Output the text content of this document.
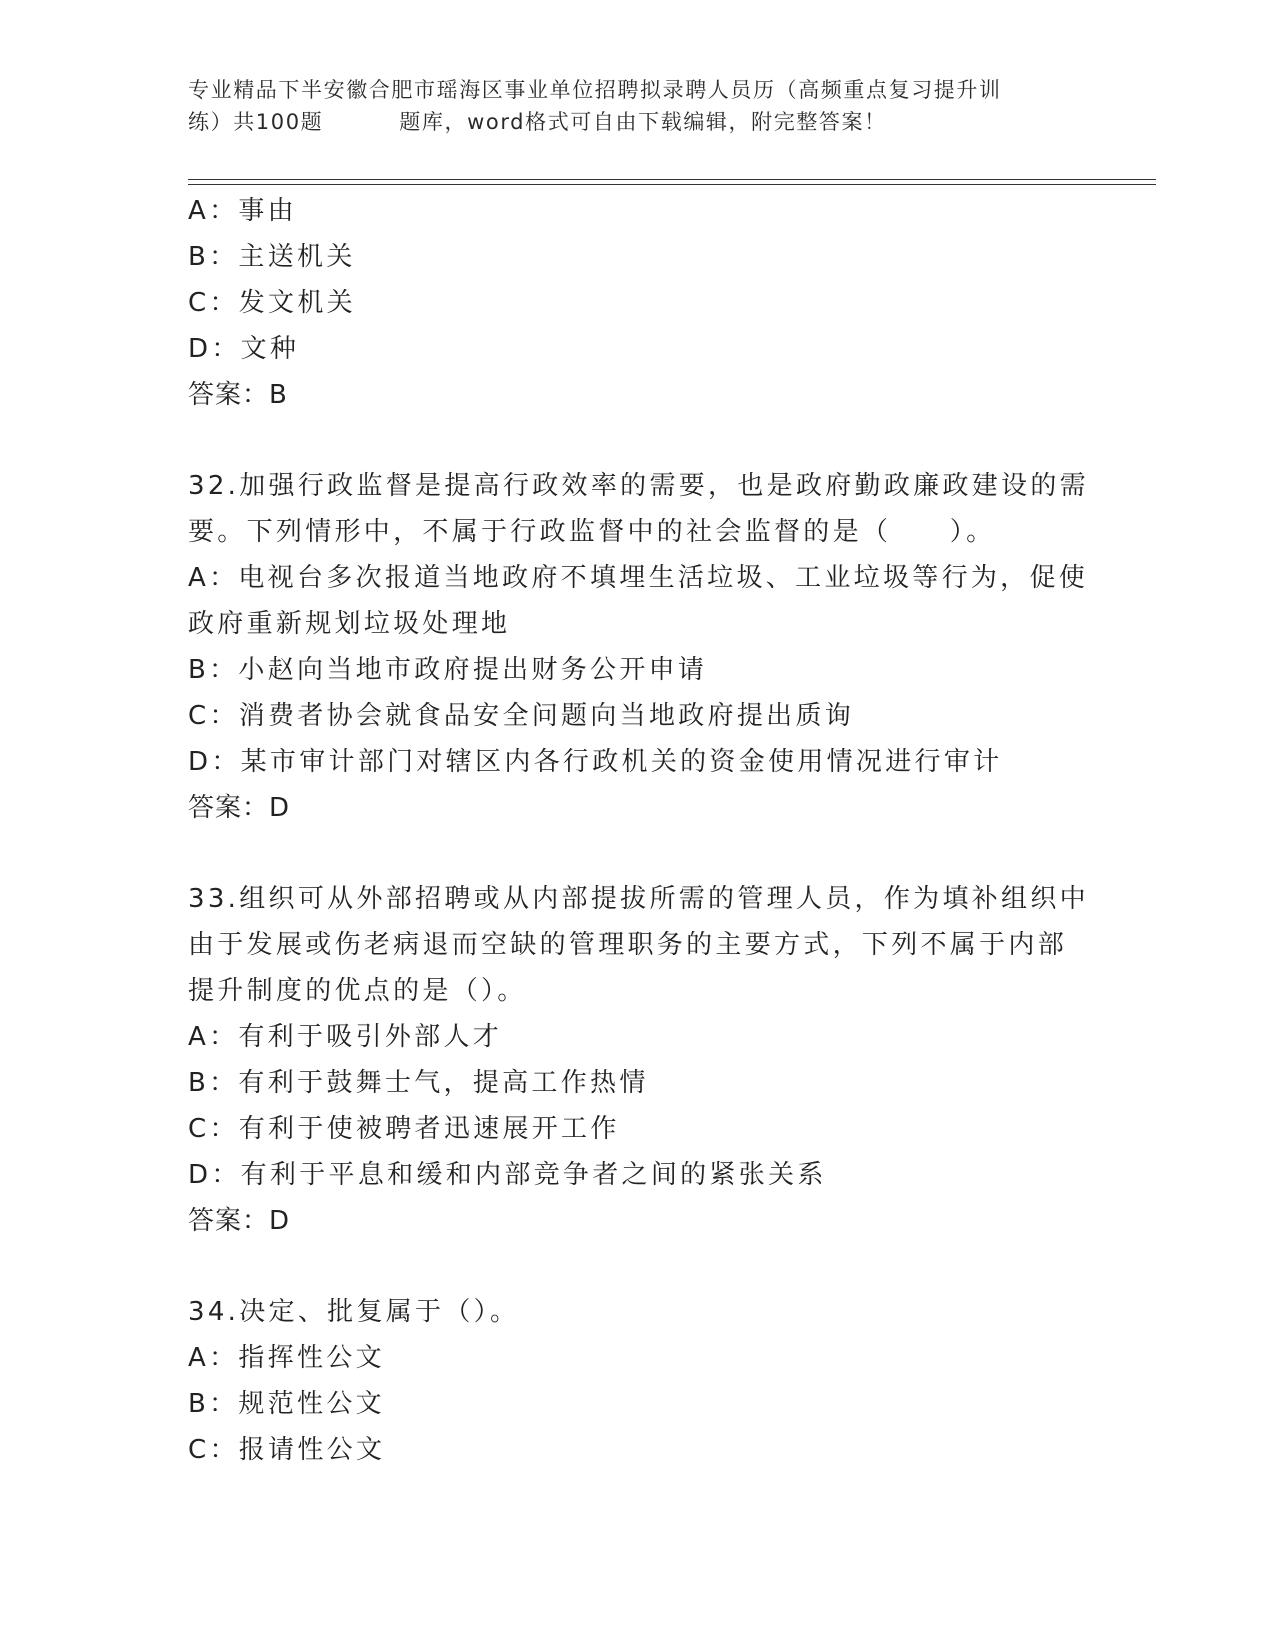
专业精品下半安徽合肥市瑶海区事业单位招聘拟录聘人员历（高频重点复习提升训
练）共100题	题库，word格式可自由下载编辑，附完整答案！
A：事由
B：主送机关
C：发文机关
D：文种
答案：B
32.加强行政监督是提高行政效率的需要，也是政府勤政廉政建设的需
要。下列情形中，不属于行政监督中的社会监督的是（　　）。
A：电视台多次报道当地政府不填埋生活垃圾、工业垃圾等行为，促使
政府重新规划垃圾处理地
B：小赵向当地市政府提出财务公开申请
C：消费者协会就食品安全问题向当地政府提出质询
D：某市审计部门对辖区内各行政机关的资金使用情况进行审计
答案：D
33.组织可从外部招聘或从内部提拔所需的管理人员，作为填补组织中
由于发展或伤老病退而空缺的管理职务的主要方式，下列不属于内部
提升制度的优点的是（）。
A：有利于吸引外部人才
B：有利于鼓舞士气，提高工作热情
C：有利于使被聘者迅速展开工作
D：有利于平息和缓和内部竞争者之间的紧张关系
答案：D
34.决定、批复属于（）。
A：指挥性公文
B：规范性公文
C：报请性公文
